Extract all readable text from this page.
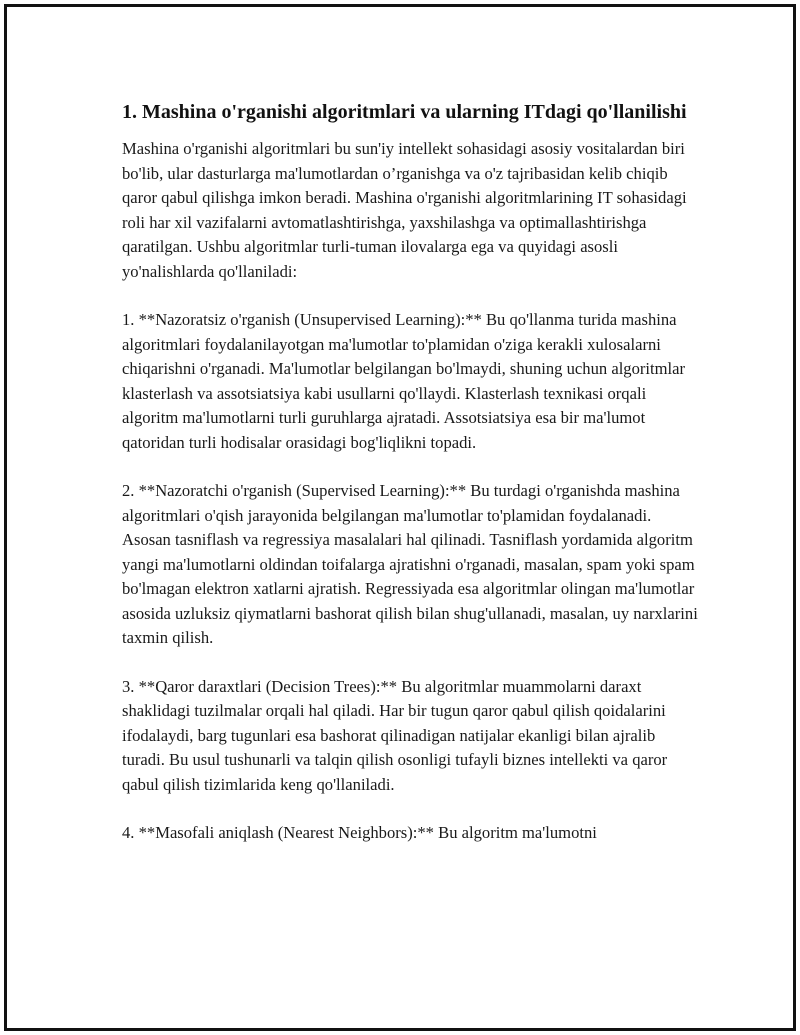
1. Mashina o'rganishi algoritmlari va ularning ITdagi qo'llanilishi

Mashina o'rganishi algoritmlari bu sun'iy intellekt sohasidagi asosiy vositalardan biri bo'lib, ular dasturlarga ma'lumotlardan o’rganishga va o'z tajribasidan kelib chiqib qaror qabul qilishga imkon beradi. Mashina o'rganishi algoritmlarining IT sohasidagi roli har xil vazifalarni avtomatlashtirishga, yaxshilashga va optimallashtirishga qaratilgan. Ushbu algoritmlar turli-tuman ilovalarga ega va quyidagi asosli yo'nalishlarda qo'llaniladi:

1. **Nazoratsiz o'rganish (Unsupervised Learning):** Bu qo'llanma turida mashina algoritmlari foydalanilayotgan ma'lumotlar to'plamidan o'ziga kerakli xulosalarni chiqarishni o'rganadi. Ma'lumotlar belgilangan bo'lmaydi, shuning uchun algoritmlar klasterlash va assotsiatsiya kabi usullarni qo'llaydi. Klasterlash texnikasi orqali algoritm ma'lumotlarni turli guruhlarga ajratadi. Assotsiatsiya esa bir ma'lumot qatoridan turli hodisalar orasidagi bog'liqlikni topadi.

2. **Nazoratchi o'rganish (Supervised Learning):** Bu turdagi o'rganishda mashina algoritmlari o'qish jarayonida belgilangan ma'lumotlar to'plamidan foydalanadi. Asosan tasniflash va regressiya masalalari hal qilinadi. Tasniflash yordamida algoritm yangi ma'lumotlarni oldindan toifalarga ajratishni o'rganadi, masalan, spam yoki spam bo'lmagan elektron xatlarni ajratish. Regressiyada esa algoritmlar olingan ma'lumotlar asosida uzluksiz qiymatlarni bashorat qilish bilan shug'ullanadi, masalan, uy narxlarini taxmin qilish.

3. **Qaror daraxtlari (Decision Trees):** Bu algoritmlar muammolarni daraxt shaklidagi tuzilmalar orqali hal qiladi. Har bir tugun qaror qabul qilish qoidalarini ifodalaydi, barg tugunlari esa bashorat qilinadigan natijalar ekanligi bilan ajralib turadi. Bu usul tushunarli va talqin qilish osonligi tufayli biznes intellekti va qaror qabul qilish tizimlarida keng qo'llaniladi.

4. **Masofali aniqlash (Nearest Neighbors):** Bu algoritm ma'lumotni
